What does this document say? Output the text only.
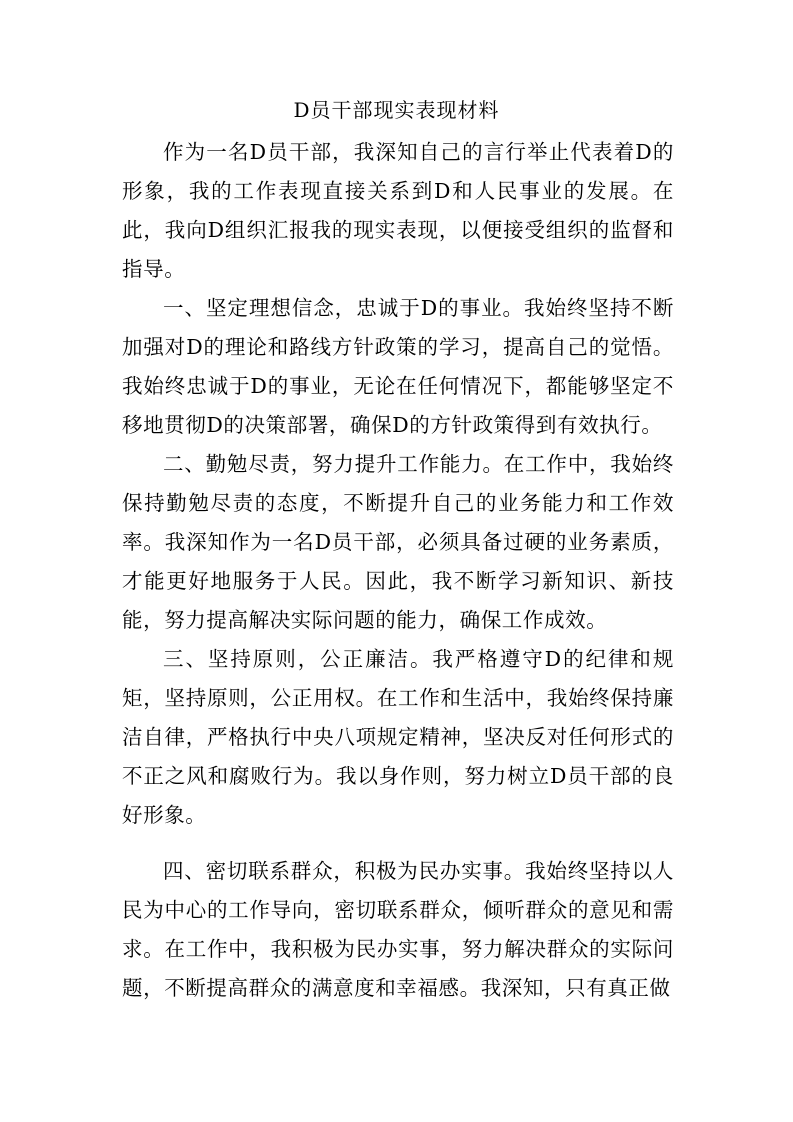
D员干部现实表现材料

作为一名D员干部，我深知自己的言行举止代表着D的形象，我的工作表现直接关系到D和人民事业的发展。在此，我向D组织汇报我的现实表现，以便接受组织的监督和指导。

一、坚定理想信念，忠诚于D的事业。我始终坚持不断加强对D的理论和路线方针政策的学习，提高自己的觉悟。我始终忠诚于D的事业，无论在任何情况下，都能够坚定不移地贯彻D的决策部署，确保D的方针政策得到有效执行。

二、勤勉尽责，努力提升工作能力。在工作中，我始终保持勤勉尽责的态度，不断提升自己的业务能力和工作效率。我深知作为一名D员干部，必须具备过硬的业务素质，才能更好地服务于人民。因此，我不断学习新知识、新技能，努力提高解决实际问题的能力，确保工作成效。

三、坚持原则，公正廉洁。我严格遵守D的纪律和规矩，坚持原则，公正用权。在工作和生活中，我始终保持廉洁自律，严格执行中央八项规定精神，坚决反对任何形式的不正之风和腐败行为。我以身作则，努力树立D员干部的良好形象。

四、密切联系群众，积极为民办实事。我始终坚持以人民为中心的工作导向，密切联系群众，倾听群众的意见和需求。在工作中，我积极为民办实事，努力解决群众的实际问题，不断提高群众的满意度和幸福感。我深知，只有真正做
